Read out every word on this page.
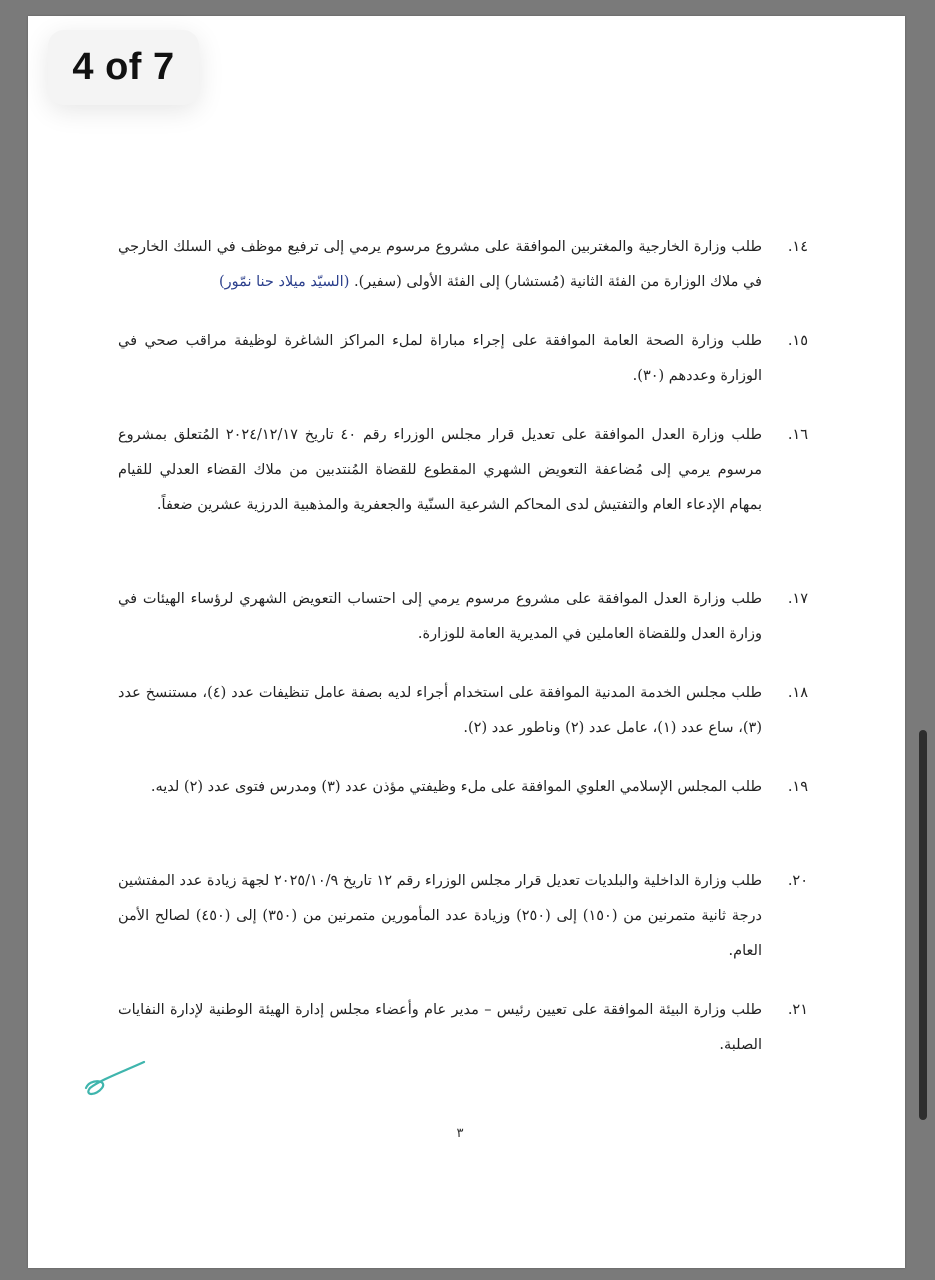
4 of 7
١٤.
طلب وزارة الخارجية والمغتربين الموافقة على مشروع مرسوم يرمي إلى ترفيع موظف في السلك الخارجي في ملاك الوزارة من الفئة الثانية (مُستشار) إلى الفئة الأولى (سفير). (السيّد ميلاد حنا نمّور)
١٥.
طلب وزارة الصحة العامة الموافقة على إجراء مباراة لملء المراكز الشاغرة لوظيفة مراقب صحي في الوزارة وعددهم (٣٠).
١٦.
طلب وزارة العدل الموافقة على تعديل قرار مجلس الوزراء رقم ٤٠ تاريخ ٢٠٢٤/١٢/١٧ المُتعلق بمشروع مرسوم يرمي إلى مُضاعفة التعويض الشهري المقطوع للقضاة المُنتدبين من ملاك القضاء العدلي للقيام بمهام الإدعاء العام والتفتيش لدى المحاكم الشرعية السنّية والجعفرية والمذهبية الدرزية عشرين ضعفاً.
١٧.
طلب وزارة العدل الموافقة على مشروع مرسوم يرمي إلى احتساب التعويض الشهري لرؤساء الهيئات في وزارة العدل وللقضاة العاملين في المديرية العامة للوزارة.
١٨.
طلب مجلس الخدمة المدنية الموافقة على استخدام أجراء لديه بصفة عامل تنظيفات عدد (٤)، مستنسخ عدد (٣)، ساع عدد (١)، عامل عدد (٢) وناطور عدد (٢).
١٩.
طلب المجلس الإسلامي العلوي الموافقة على ملء وظيفتي مؤذن عدد (٣) ومدرس فتوى عدد (٢) لديه.
٢٠.
طلب وزارة الداخلية والبلديات تعديل قرار مجلس الوزراء رقم ١٢ تاريخ ٢٠٢٥/١٠/٩ لجهة زيادة عدد المفتشين درجة ثانية متمرنين من (١٥٠) إلى (٢٥٠) وزيادة عدد المأمورين متمرنين من (٣٥٠) إلى (٤٥٠) لصالح الأمن العام.
٢١.
طلب وزارة البيئة الموافقة على تعيين رئيس – مدير عام وأعضاء مجلس إدارة الهيئة الوطنية لإدارة النفايات الصلبة.
٣
